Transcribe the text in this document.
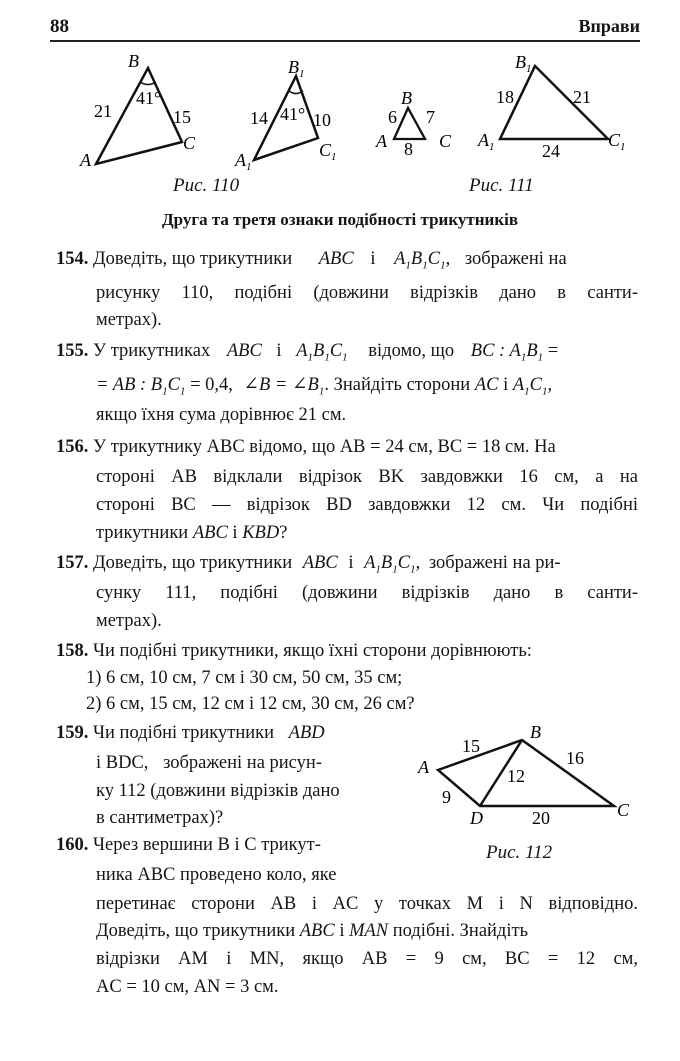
88	Вправи
A
B
C
21	15
41°
$A_1$
$B_1$
$C_1$
14	10
41°
Рис. 110
A
B
C
6 7
8	$A_1$
$B_1$
$C_1$
18	21
24
Рис. 111
Друга та третя ознаки подібності трикутників
154. Доведіть, що трикутники ABC і $A_1B_1C_1$, зображені на
рисунку 110, подібні (довжини відрізків дано в санти-
метрах).
155. У трикутниках ABC і $A_1B_1C_1$ відомо, що BC : $A_1B_1$ =
= AB : $B_1C_1 = 0,4$, ∠B = $\angle B_1$. Знайдіть сторони AC і $A_1C_1$,
якщо їхня сума дорівнює 21 см.
156. У трикутнику ABC відомо, що AB = 24 см, BC = 18 см. На
стороні AB відклали відрізок BK завдовжки 16 см, а на
стороні BC — відрізок BD завдовжки 12 см. Чи подібні
трикутники ABC і KBD?
157. Доведіть, що трикутники ABC і $A_1B_1C_1$, зображені на ри-
сунку 111, подібні (довжини відрізків дано в санти-
метрах).
158. Чи подібні трикутники, якщо їхні сторони дорівнюють:
1) 6 см, 10 см, 7 см і 30 см, 50 см, 35 см;
2) 6 см, 15 см, 12 см і 12 см, 30 см, 26 см?
159. Чи подібні трикутники ABD
і BDC, зображені на рисун-
ку 112 (довжини відрізків дано
в сантиметрах)?
A
B
C
D
15
12
16
9
20
Рис. 112
160. Через вершини B і C трикут-
ника ABC проведено коло, яке
перетинає сторони AB і AC у точках M і N відповідно.
Доведіть, що трикутники ABC і MAN подібні. Знайдіть
відрізки AM і MN, якщо AB = 9 см, BC = 12 см,
AC = 10 см, AN = 3 см.
